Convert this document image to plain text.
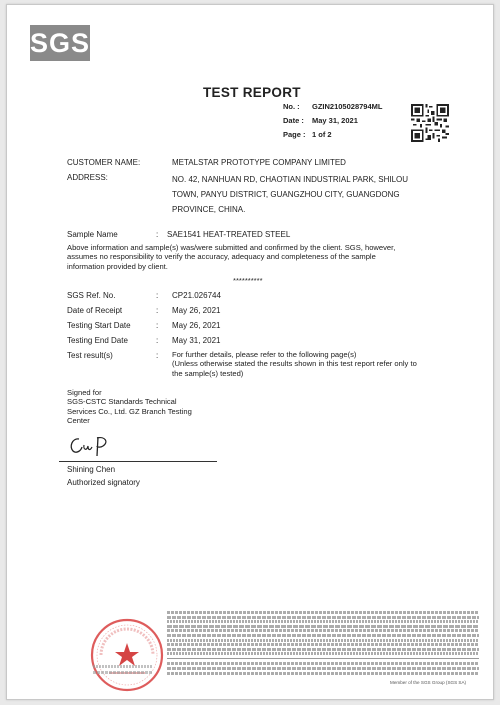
SGS
TEST REPORT
No. : GZIN2105028794ML
Date : May 31, 2021
Page : 1 of 2
CUSTOMER NAME:	METALSTAR PROTOTYPE COMPANY LIMITED
ADDRESS:	NO. 42, NANHUAN RD, CHAOTIAN INDUSTRIAL PARK, SHILOU
TOWN, PANYU DISTRICT, GUANGZHOU CITY, GUANGDONG
PROVINCE, CHINA.
Sample Name	: SAE1541 HEAT-TREATED STEEL
Above information and sample(s) was/were submitted and confirmed by the client. SGS, however,
assumes no responsibility to verify the accuracy, adequacy and completeness of the sample
information provided by client.
**********
SGS Ref. No.	: CP21.026744
Date of Receipt	: May 26, 2021
Testing Start Date	: May 26, 2021
Testing End Date	: May 31, 2021
Test result(s)	: For further details, please refer to the following page(s)
(Unless otherwise stated the results shown in this test report refer only to
the sample(s) tested)
Signed for
SGS-CSTC Standards Technical
Services Co., Ltd. GZ Branch Testing
Center
Shining Chen
Authorized signatory
Member of the SGS Group (SGS SA)
